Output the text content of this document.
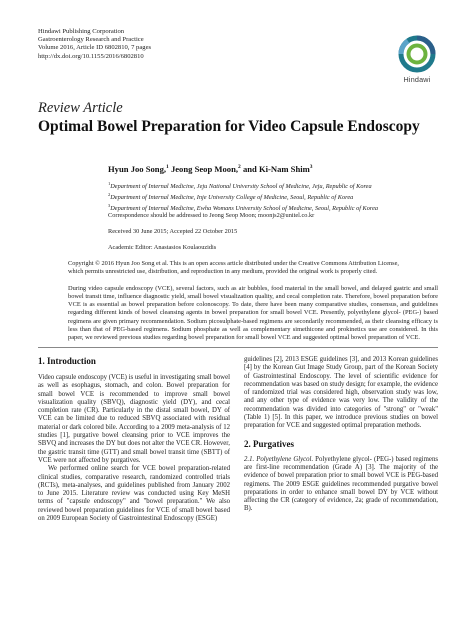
Hindawi Publishing Corporation
Gastroenterology Research and Practice
Volume 2016, Article ID 6802810, 7 pages
http://dx.doi.org/10.1155/2016/6802810
Hindawi
Review Article
Optimal Bowel Preparation for Video Capsule Endoscopy
Hyun Joo Song,$^1$ Jeong Seop Moon,$^2$ and Ki-Nam Shim$^3$
$^1$Department of Internal Medicine, Jeju National University School of Medicine, Jeju, Republic of Korea
$^2$Department of Internal Medicine, Inje University College of Medicine, Seoul, Republic of Korea
$^3$Department of Internal Medicine, Ewha Womans University School of Medicine, Seoul, Republic of Korea
Correspondence should be addressed to Jeong Seop Moon; moonjs2@unitel.co.kr
Received 30 June 2015; Accepted 22 October 2015
Academic Editor: Anastasios Koulaouzidis
Copyright © 2016 Hyun Joo Song et al. This is an open access article distributed under the Creative Commons Attribution License,
which permits unrestricted use, distribution, and reproduction in any medium, provided the original work is properly cited.
During video capsule endoscopy (VCE), several factors, such as air bubbles, food material in the small bowel, and delayed gastric and small bowel transit time, influence diagnostic yield, small bowel visualization quality, and cecal completion rate. Therefore, bowel preparation before VCE is as essential as bowel preparation before colonoscopy. To date, there have been many comparative studies, consensus, and guidelines regarding different kinds of bowel cleansing agents in bowel preparation for small bowel VCE. Presently, polyethylene glycol- (PEG-) based regimens are given primary recommendation. Sodium picosulphate-based regimens are secondarily recommended, as their cleansing efficacy is less than that of PEG-based regimens. Sodium phosphate as well as complementary simethicone and prokinetics use are considered. In this paper, we reviewed previous studies regarding bowel preparation for small bowel VCE and suggested optimal bowel preparation of VCE.
1. Introduction

Video capsule endoscopy (VCE) is useful in investigating small bowel as well as esophagus, stomach, and colon. Bowel preparation for small bowel VCE is recommended to improve small bowel visualization quality (SBVQ), diagnostic yield (DY), and cecal completion rate (CR). Particularly in the distal small bowel, DY of VCE can be limited due to reduced SBVQ associated with residual material or dark colored bile. According to a 2009 meta-analysis of 12 studies [1], purgative bowel cleansing prior to VCE improves the SBVQ and increases the DY but does not alter the VCE CR. However, the gastric transit time (GTT) and small bowel transit time (SBTT) of VCE were not affected by purgatives.

We performed online search for VCE bowel preparation-related clinical studies, comparative research, randomized controlled trials (RCTs), meta-analyses, and guidelines published from January 2002 to June 2015. Literature review was conducted using Key MeSH terms of "capsule endoscopy" and "bowel preparation." We also reviewed bowel preparation guidelines for VCE of small bowel based on 2009 European Society of Gastrointestinal Endoscopy (ESGE)

guidelines [2], 2013 ESGE guidelines [3], and 2013 Korean guidelines [4] by the Korean Gut Image Study Group, part of the Korean Society of Gastrointestinal Endoscopy. The level of scientific evidence for recommendation was based on study design; for example, the evidence of randomized trial was considered high, observation study was low, and any other type of evidence was very low. The validity of the recommendation was divided into categories of "strong" or "weak" (Table 1) [5]. In this paper, we introduce previous studies on bowel preparation for VCE and suggested optimal preparation methods.

2. Purgatives

2.1. Polyethylene Glycol. Polyethylene glycol- (PEG-) based regimens are first-line recommendation (Grade A) [3]. The majority of the evidence of bowel preparation prior to small bowel VCE is PEG-based regimens. The 2009 ESGE guidelines recommended purgative bowel preparations in order to enhance small bowel DY by VCE without affecting the CR (category of evidence, 2a; grade of recommendation, B).
